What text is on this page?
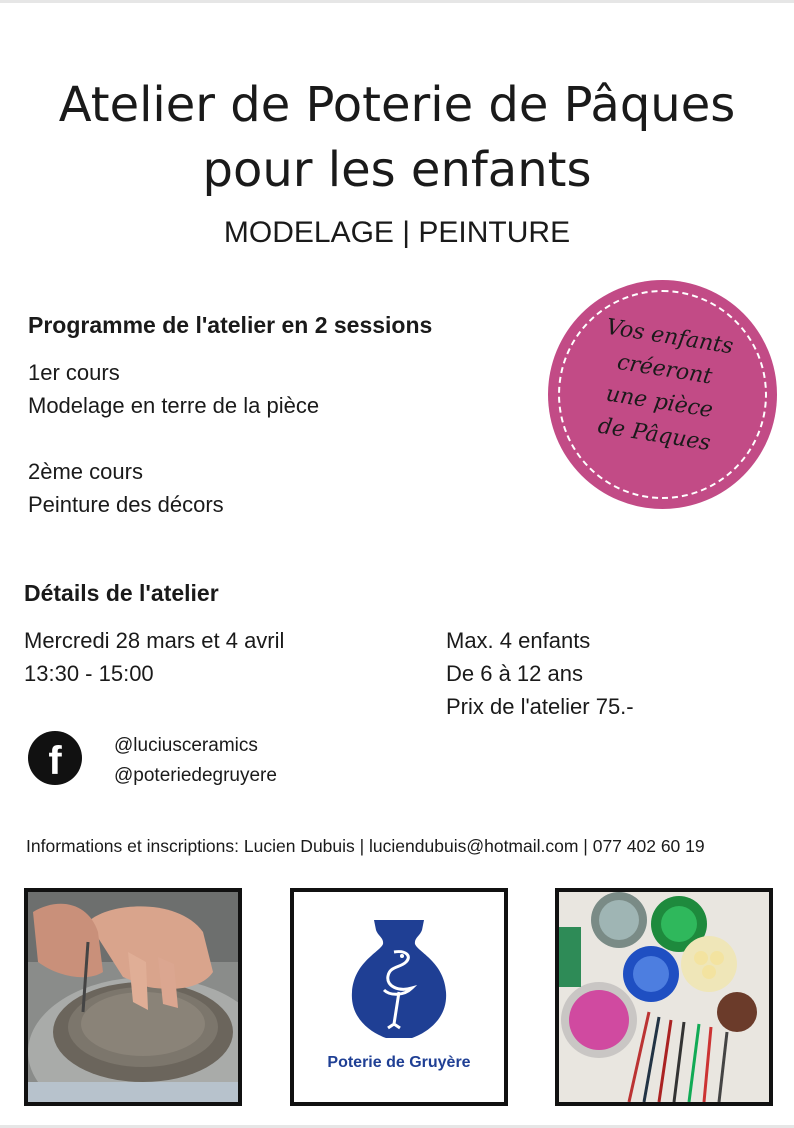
Atelier de Poterie de Pâques
pour les enfants
MODELAGE | PEINTURE
Programme de l'atelier en 2 sessions
1er cours
Modelage en terre de la pièce
2ème cours
Peinture des décors
Vos enfants
créeront
une pièce
de Pâques
Détails de l'atelier
Mercredi 28 mars et 4 avril
13:30 - 15:00
Max. 4 enfants
De 6 à 12 ans
Prix de l'atelier 75.-
f	@luciusceramics
@poteriedegruyere
Informations et inscriptions: Lucien Dubuis | luciendubuis@hotmail.com | 077 402 60 19
Poterie de Gruyère
